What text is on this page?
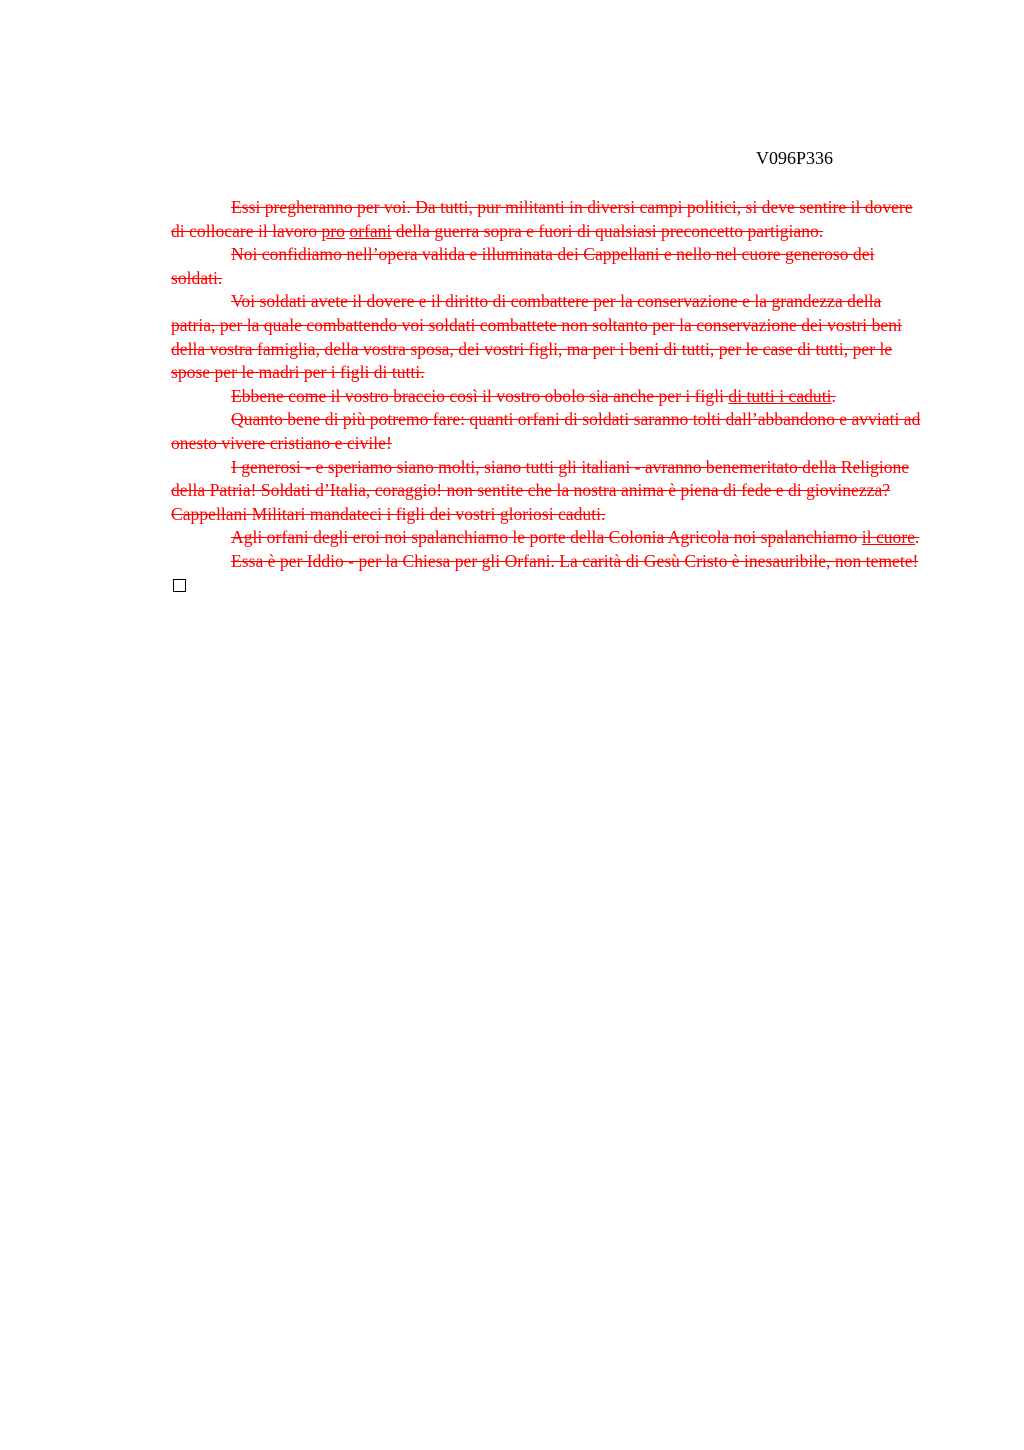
V096P336

Essi pregheranno per voi. Da tutti, pur militanti in diversi campi politici, si deve sentire il dovere di collocare il lavoro pro orfani della guerra sopra e fuori di qualsiasi preconcetto partigiano.

Noi confidiamo nell’opera valida e illuminata dei Cappellani e nello nel cuore generoso dei soldati.

Voi soldati avete il dovere e il diritto di combattere per la conservazione e la grandezza della patria, per la quale combattendo voi soldati combattete non soltanto per la conservazione dei vostri beni della vostra famiglia, della vostra sposa, dei vostri figli, ma per i beni di tutti, per le case di tutti, per le spose per le madri per i figli di tutti.

Ebbene come il vostro braccio così il vostro obolo sia anche per i figli di tutti i caduti.

Quanto bene di più potremo fare: quanti orfani di soldati saranno tolti dall’abbandono e avviati ad onesto vivere cristiano e civile!

I generosi - e speriamo siano molti, siano tutti gli italiani - avranno benemeritato della Religione della Patria! Soldati d’Italia, coraggio! non sentite che la nostra anima è piena di fede e di giovinezza? Cappellani Militari mandateci i figli dei vostri gloriosi caduti.

Agli orfani degli eroi noi spalanchiamo le porte della Colonia Agricola noi spalanchiamo il cuore.

Essa è per Iddio - per la Chiesa per gli Orfani. La carità di Gesù Cristo è inesauribile, non temete!
